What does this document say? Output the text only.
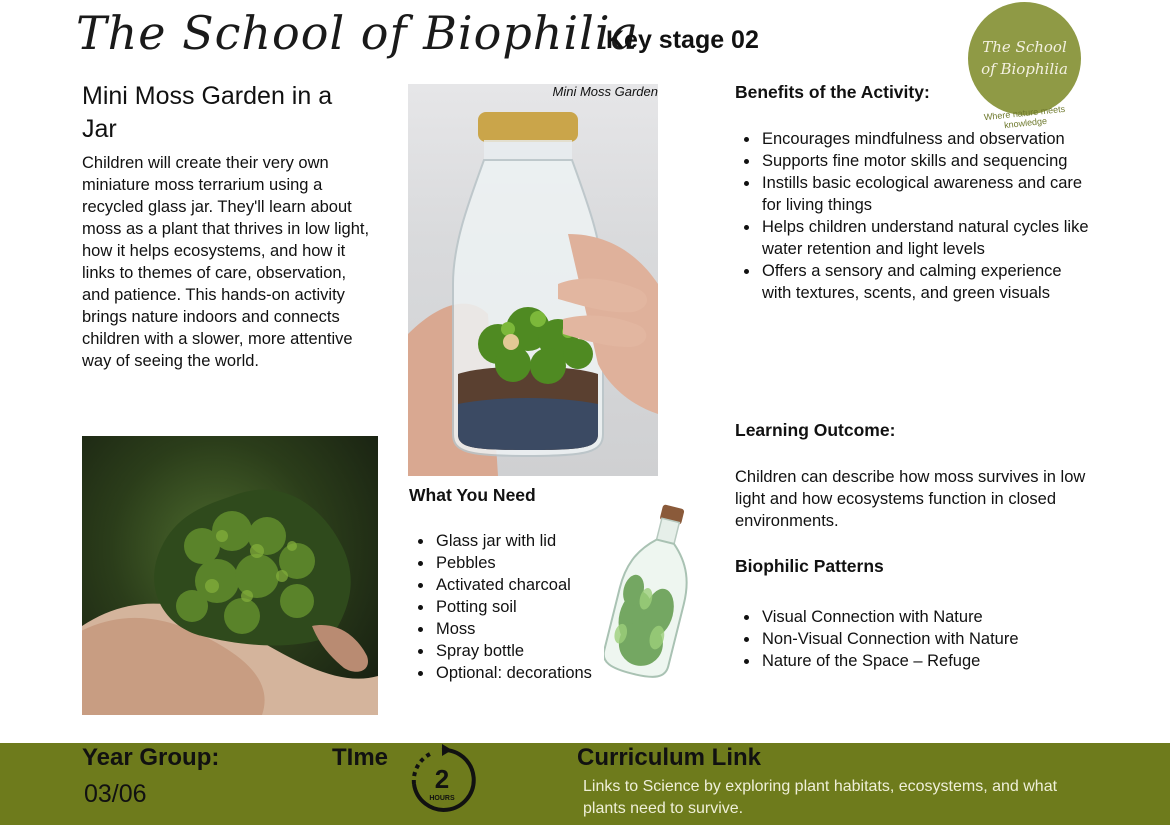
The School of Biophilia
Key stage 02	The School
of Biophilia
Where nature meets knowledge
Mini Moss Garden in a Jar

Children will create their very own miniature moss terrarium using a recycled glass jar. They'll learn about moss as a plant that thrives in low light, how it helps ecosystems, and how it links to themes of care, observation, and patience. This hands-on activity brings nature indoors and connects children with a slower, more attentive way of seeing the world.

Mini Moss Garden
What You Need
Glass jar with lid
Pebbles
Activated charcoal
Potting soil
Moss
Spray bottle
Optional: decorations
Benefits of the Activity:
Encourages mindfulness and observation
Supports fine motor skills and sequencing
Instills basic ecological awareness and care for living things
Helps children understand natural cycles like water retention and light levels
Offers a sensory and calming experience with textures, scents, and green visuals
Learning Outcome:

Children can describe how moss survives in low light and how ecosystems function in closed environments.

Biophilic Patterns
Visual Connection with Nature
Non-Visual Connection with Nature
Nature of the Space – Refuge
Year Group:
03/06
TIme
2
HOURS
Curriculum Link

Links to Science by exploring plant habitats, ecosystems, and what plants need to survive.
